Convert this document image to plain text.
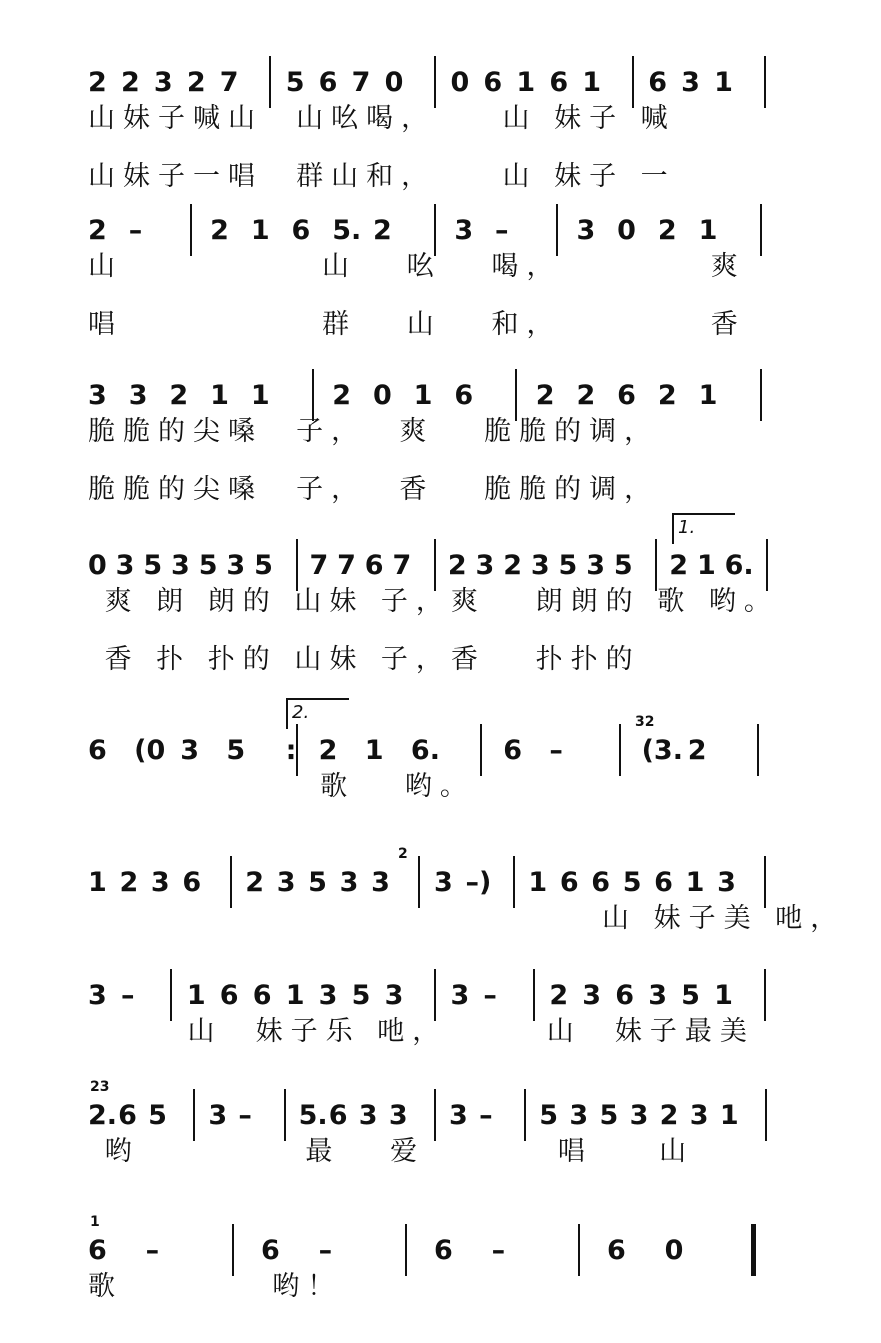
2 2 3 2 7 5 6 7 0 0 6 1 6 1 6 3 1
山妹子喊山  山吆喝，    山 妹子 喊
山妹子一唱  群山和，    山 妹子 一
2 –	2 1 6 5. 2 3 –	3 0 2 1
山            山   吆   喝，         爽
唱            群   山   和，         香
3 3 2 1 1 2 0 1 6 2 2 6 2 1
脆脆的尖嗓  子，  爽   脆脆的调，
脆脆的尖嗓  子，  香   脆脆的调，
0 3 5 3 5 3 5 7 7 6 7 2 3 2 3 5 3 5 2 1 6.
1.
爽 朗 朗的 山妹 子，爽   朗朗的 歌 哟。
香 扑 扑的 山妹 子，香   扑扑的
6 (0 3 5 : 2 1 6. 6 –	(3. 2
2.	32
歌   哟。
1 2 3 6 2 3 5 3 3 3 –) 1 6 6 5 6 1 3
2
山 妹子美 吔，
3 – 1 6 6 1 3 5 3 3 – 2 3 6 3 5 1
山  妹子乐 吔，      山  妹子最美
2. 6 5 3 – 5. 6 3 3 3 – 5 3 5 3 2 3 1
23
哟          最   爱        唱    山
6 –	6 –	6 –	6 0
1
歌         哟！
